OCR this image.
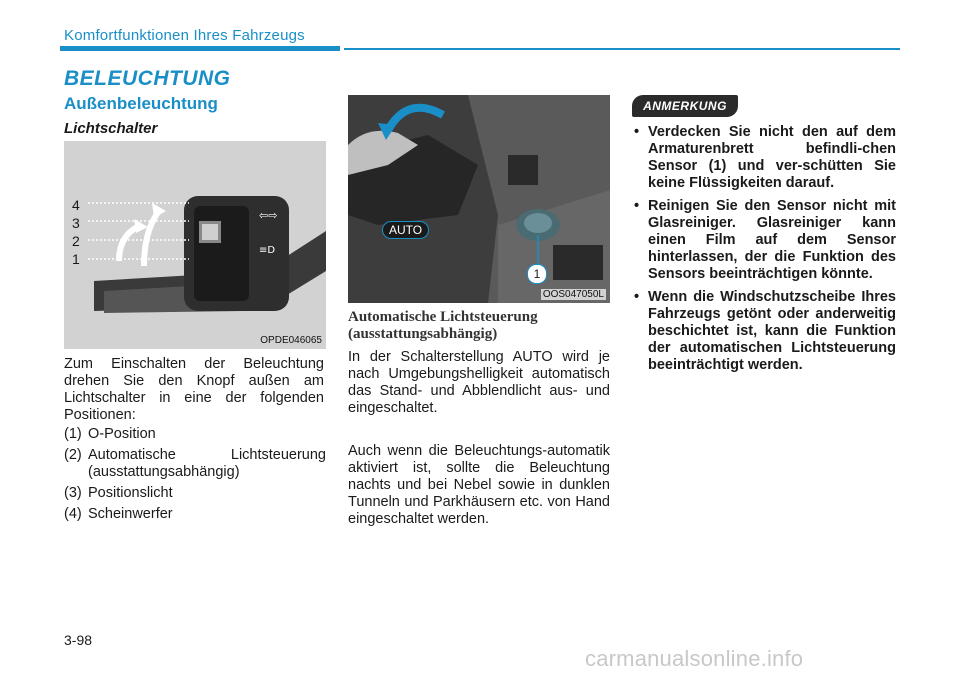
Komfortfunktionen Ihres Fahrzeugs
BELEUCHTUNG
Außenbeleuchtung
Lichtschalter
⇦⇨
≡D
4
3
2
1
OPDE046065
Zum Einschalten der Beleuchtung drehen Sie den Knopf außen am Lichtschalter in eine der folgenden Positionen:
(1) O-Position
(2) Automatische Lichtsteuerung (ausstattungsabhängig)
(3) Positionslicht
(4) Scheinwerfer
AUTO
1
OOS047050L
Automatische Lichtsteuerung
(ausstattungsabhängig)
In der Schalterstellung AUTO wird je nach Umgebungshelligkeit automatisch das Stand- und Abblendlicht aus- und eingeschaltet.
Auch wenn die Beleuchtungs-automatik aktiviert ist, sollte die Beleuchtung nachts und bei Nebel sowie in dunklen Tunneln und Parkhäusern etc. von Hand eingeschaltet werden.
ANMERKUNG
• Verdecken Sie nicht den auf dem Armaturenbrett befindli-chen Sensor (1) und ver-schütten Sie keine Flüssigkeiten darauf.
• Reinigen Sie den Sensor nicht mit Glasreiniger. Glasreiniger kann einen Film auf dem Sensor hinterlassen, der die Funktion des Sensors beeinträchtigen könnte.
• Wenn die Windschutzscheibe Ihres Fahrzeugs getönt oder anderweitig beschichtet ist, kann die Funktion der automatischen Lichtsteuerung beeinträchtigt werden.
3-98
carmanualsonline.info
